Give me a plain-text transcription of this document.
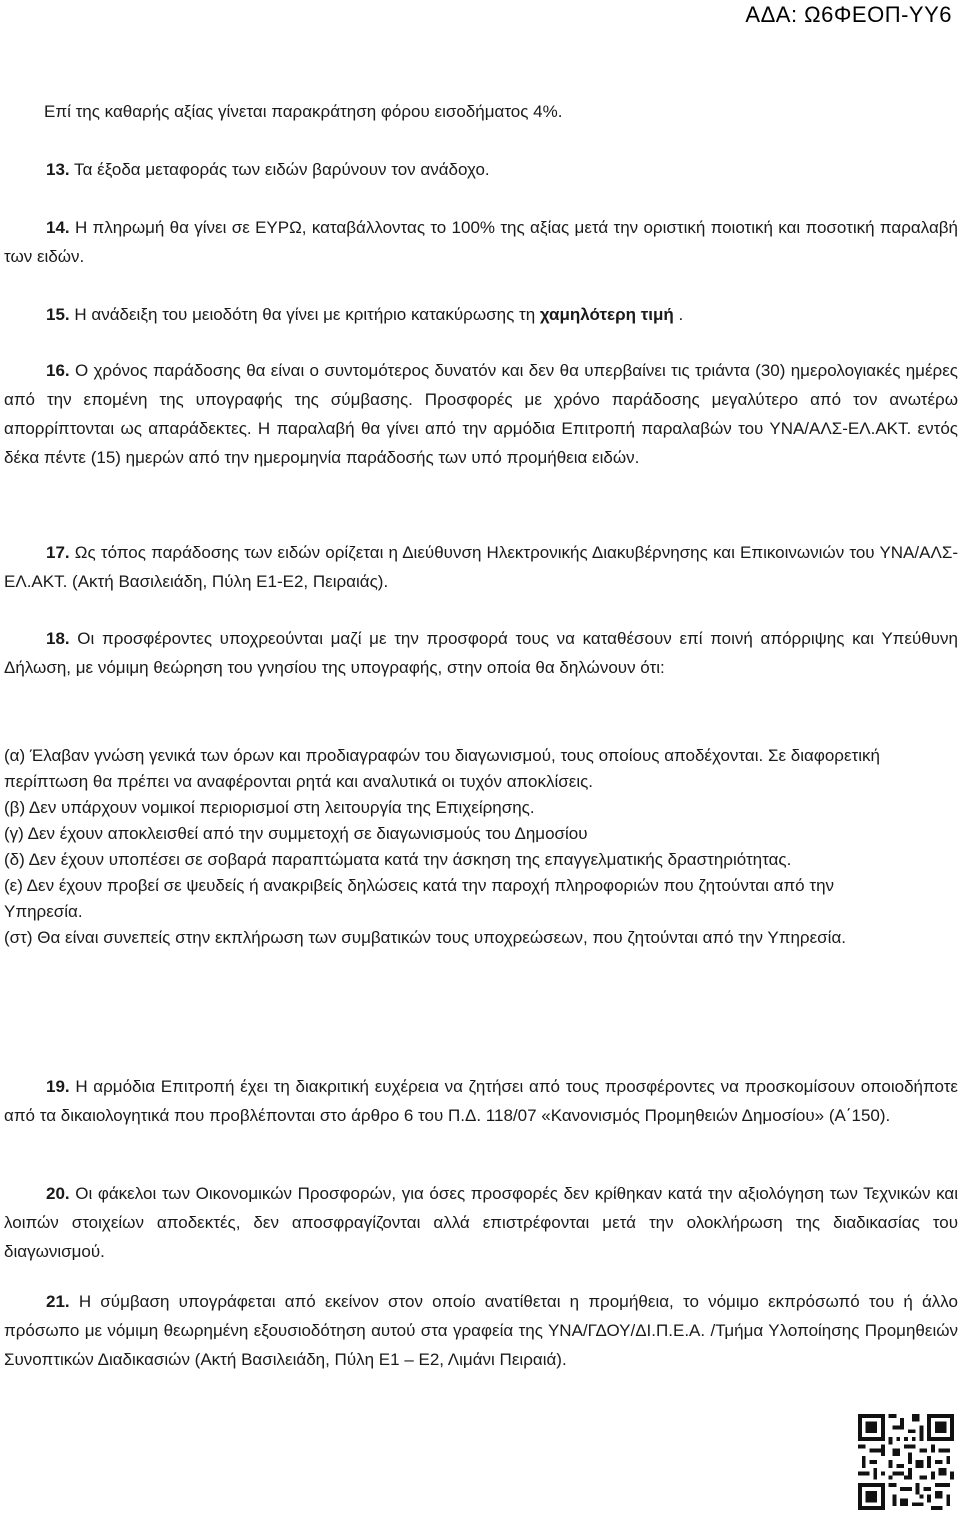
ΑΔΑ: Ω6ΦΕΟΠ-ΥΥ6

Επί της καθαρής αξίας γίνεται παρακράτηση φόρου εισοδήματος 4%.

13. Τα έξοδα μεταφοράς των ειδών βαρύνουν τον ανάδοχο.

14. Η πληρωμή θα γίνει σε ΕΥΡΩ, καταβάλλοντας το 100% της αξίας μετά την οριστική ποιοτική και ποσοτική παραλαβή των ειδών.

15. Η ανάδειξη του μειοδότη θα γίνει με κριτήριο κατακύρωσης τη χαμηλότερη τιμή .

16. Ο χρόνος παράδοσης θα είναι ο συντομότερος δυνατόν και δεν θα υπερβαίνει τις τριάντα (30) ημερολογιακές ημέρες από την επομένη της υπογραφής της σύμβασης. Προσφορές με χρόνο παράδοσης μεγαλύτερο από τον ανωτέρω απορρίπτονται ως απαράδεκτες. Η παραλαβή θα γίνει από την αρμόδια Επιτροπή παραλαβών του ΥΝΑ/ΑΛΣ-ΕΛ.ΑΚΤ. εντός δέκα πέντε (15) ημερών από την ημερομηνία παράδοσής των υπό προμήθεια ειδών.

17. Ως τόπος παράδοσης των ειδών ορίζεται η Διεύθυνση Ηλεκτρονικής Διακυβέρνησης και Επικοινωνιών του ΥΝΑ/ΑΛΣ-ΕΛ.ΑΚΤ. (Ακτή Βασιλειάδη, Πύλη Ε1-Ε2, Πειραιάς).

18. Οι προσφέροντες υποχρεούνται μαζί με την προσφορά τους να καταθέσουν επί ποινή απόρριψης και Υπεύθυνη Δήλωση, με νόμιμη θεώρηση του γνησίου της υπογραφής, στην οποία θα δηλώνουν ότι:

(α) Έλαβαν γνώση γενικά των όρων και προδιαγραφών του διαγωνισμού, τους οποίους αποδέχονται. Σε διαφορετική περίπτωση θα πρέπει να αναφέρονται ρητά και αναλυτικά οι τυχόν αποκλίσεις.
(β) Δεν υπάρχουν νομικοί περιορισμοί στη λειτουργία της Επιχείρησης.
(γ) Δεν έχουν αποκλεισθεί από την συμμετοχή σε διαγωνισμούς του Δημοσίου
(δ) Δεν έχουν υποπέσει σε σοβαρά παραπτώματα κατά την άσκηση της επαγγελματικής δραστηριότητας.
(ε) Δεν έχουν προβεί σε ψευδείς ή ανακριβείς δηλώσεις κατά την παροχή πληροφοριών που ζητούνται από την Υπηρεσία.
(στ) Θα είναι συνεπείς στην εκπλήρωση των συμβατικών τους υποχρεώσεων, που ζητούνται από την Υπηρεσία.

19. Η αρμόδια Επιτροπή έχει τη διακριτική ευχέρεια να ζητήσει από τους προσφέροντες να προσκομίσουν οποιοδήποτε από τα δικαιολογητικά που προβλέπονται στο άρθρο 6 του Π.Δ. 118/07 «Κανονισμός Προμηθειών Δημοσίου» (Α΄150).

20. Οι φάκελοι των Οικονομικών Προσφορών, για όσες προσφορές δεν κρίθηκαν κατά την αξιολόγηση των Τεχνικών και λοιπών στοιχείων αποδεκτές, δεν αποσφραγίζονται αλλά επιστρέφονται μετά την ολοκλήρωση της διαδικασίας του διαγωνισμού.

21. Η σύμβαση υπογράφεται από εκείνον στον οποίο ανατίθεται η προμήθεια, το νόμιμο εκπρόσωπό του ή άλλο πρόσωπο με νόμιμη θεωρημένη εξουσιοδότηση αυτού στα γραφεία της ΥΝΑ/ΓΔΟΥ/ΔΙ.Π.Ε.Α. /Τμήμα Υλοποίησης Προμηθειών Συνοπτικών Διαδικασιών (Ακτή Βασιλειάδη, Πύλη Ε1 – Ε2, Λιμάνι Πειραιά).
